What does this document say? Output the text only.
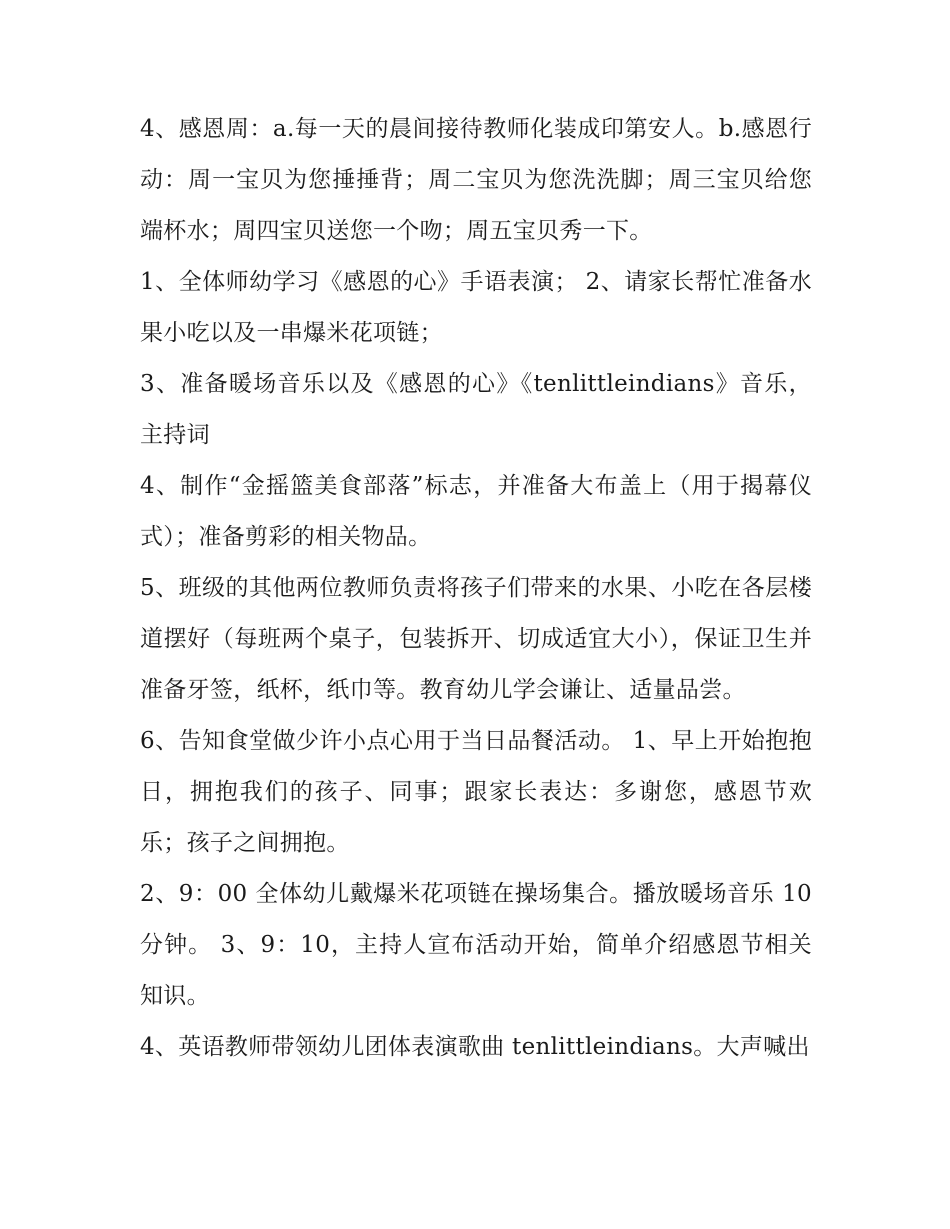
4、感恩周：a.每一天的晨间接待教师化装成印第安人。b.感恩行动：周一宝贝为您捶捶背；周二宝贝为您洗洗脚；周三宝贝给您端杯水；周四宝贝送您一个吻；周五宝贝秀一下。

1、全体师幼学习《感恩的心》手语表演； 2、请家长帮忙准备水果小吃以及一串爆米花项链；

3、准备暖场音乐以及《感恩的心》《tenlittleindians》音乐，主持词

4、制作“金摇篮美食部落”标志，并准备大布盖上（用于揭幕仪式）；准备剪彩的相关物品。

5、班级的其他两位教师负责将孩子们带来的水果、小吃在各层楼道摆好（每班两个桌子，包装拆开、切成适宜大小），保证卫生并准备牙签，纸杯，纸巾等。教育幼儿学会谦让、适量品尝。

6、告知食堂做少许小点心用于当日品餐活动。 1、早上开始抱抱日，拥抱我们的孩子、同事；跟家长表达：多谢您，感恩节欢乐；孩子之间拥抱。

2、9：00 全体幼儿戴爆米花项链在操场集合。播放暖场音乐 10 分钟。 3、9：10，主持人宣布活动开始，简单介绍感恩节相关知识。

4、英语教师带领幼儿团体表演歌曲 tenlittleindians。大声喊出
